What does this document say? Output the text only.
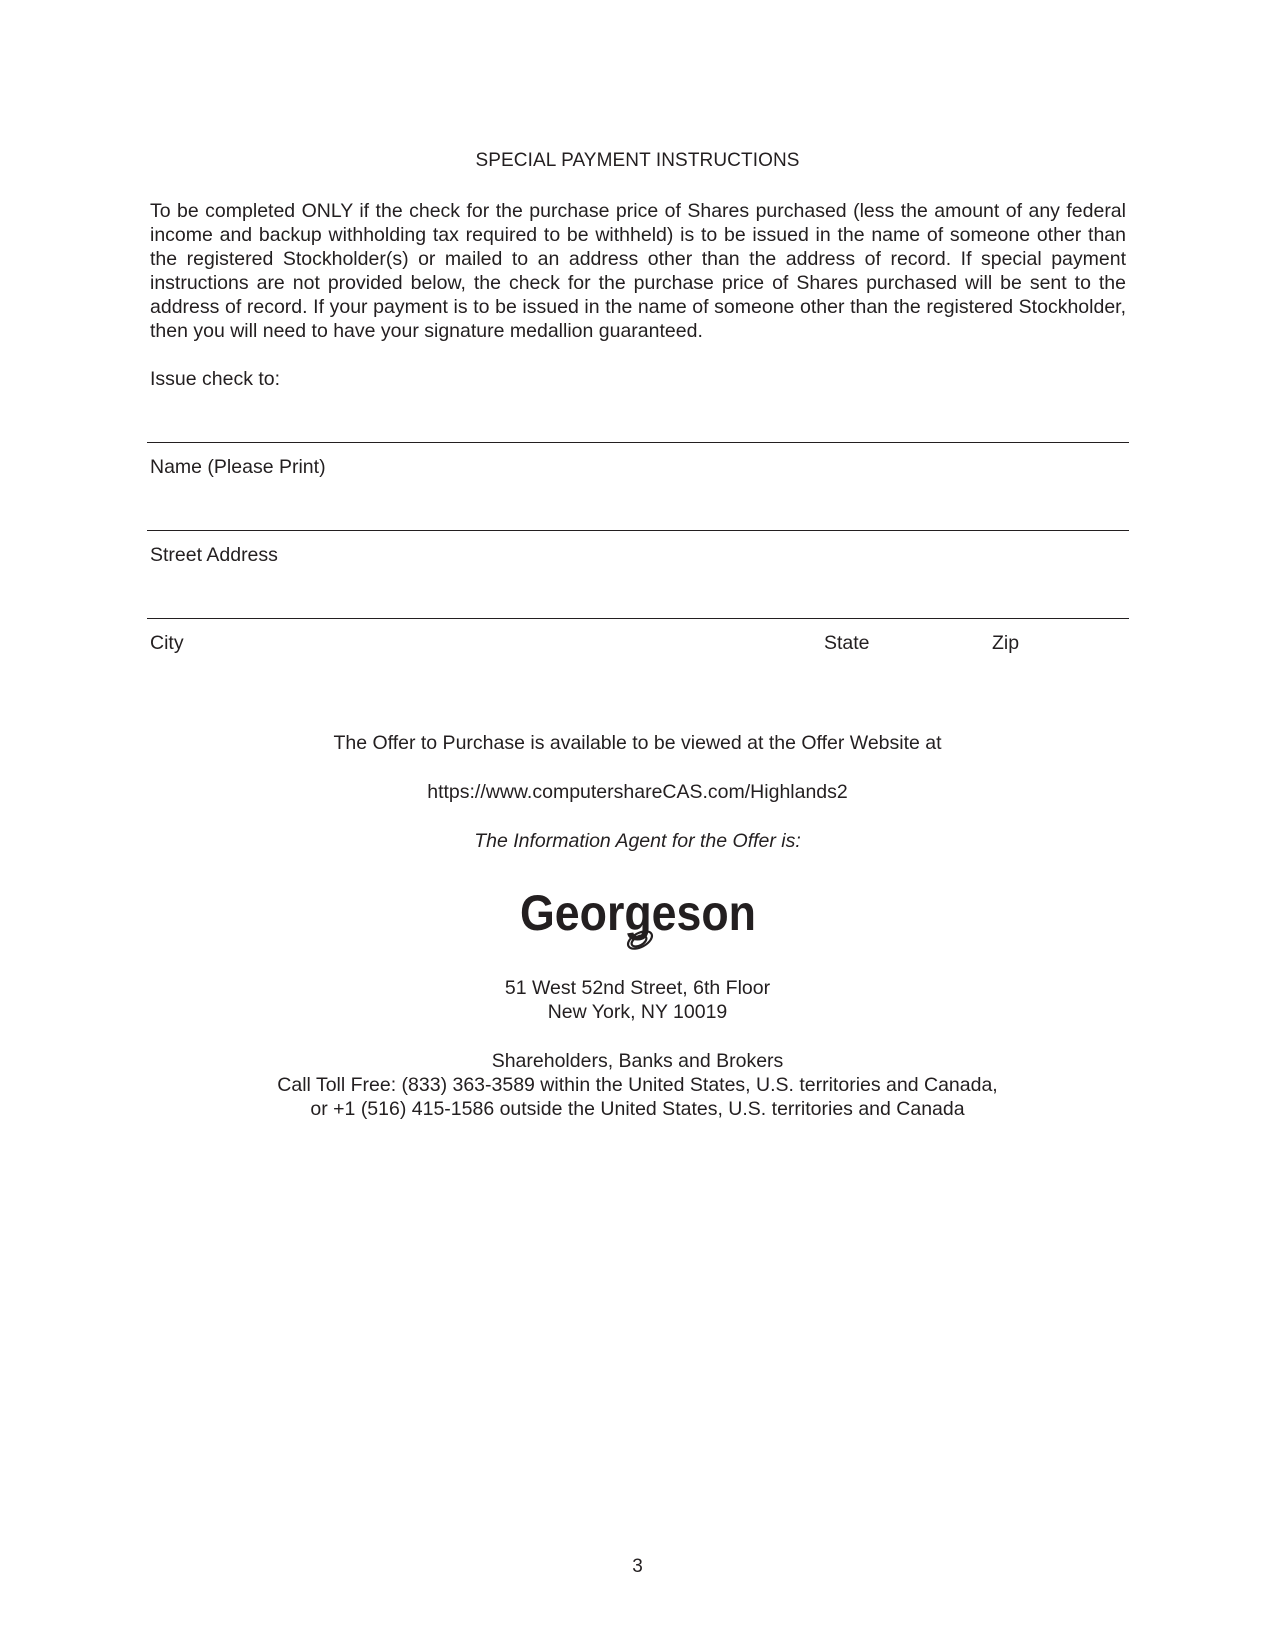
SPECIAL PAYMENT INSTRUCTIONS
To be completed ONLY if the check for the purchase price of Shares purchased (less the amount of any federal income and backup withholding tax required to be withheld) is to be issued in the name of someone other than the registered Stockholder(s) or mailed to an address other than the address of record. If special payment instructions are not provided below, the check for the purchase price of Shares purchased will be sent to the address of record. If your payment is to be issued in the name of someone other than the registered Stockholder, then you will need to have your signature medallion guaranteed.
Issue check to:
Name (Please Print)
Street Address
City	State	Zip
The Offer to Purchase is available to be viewed at the Offer Website at
https://www.computershareCAS.com/Highlands2
The Information Agent for the Offer is:
Georgeson
51 West 52nd Street, 6th Floor
New York, NY 10019
Shareholders, Banks and Brokers
Call Toll Free: (833) 363-3589 within the United States, U.S. territories and Canada,
or +1 (516) 415-1586 outside the United States, U.S. territories and Canada
3
